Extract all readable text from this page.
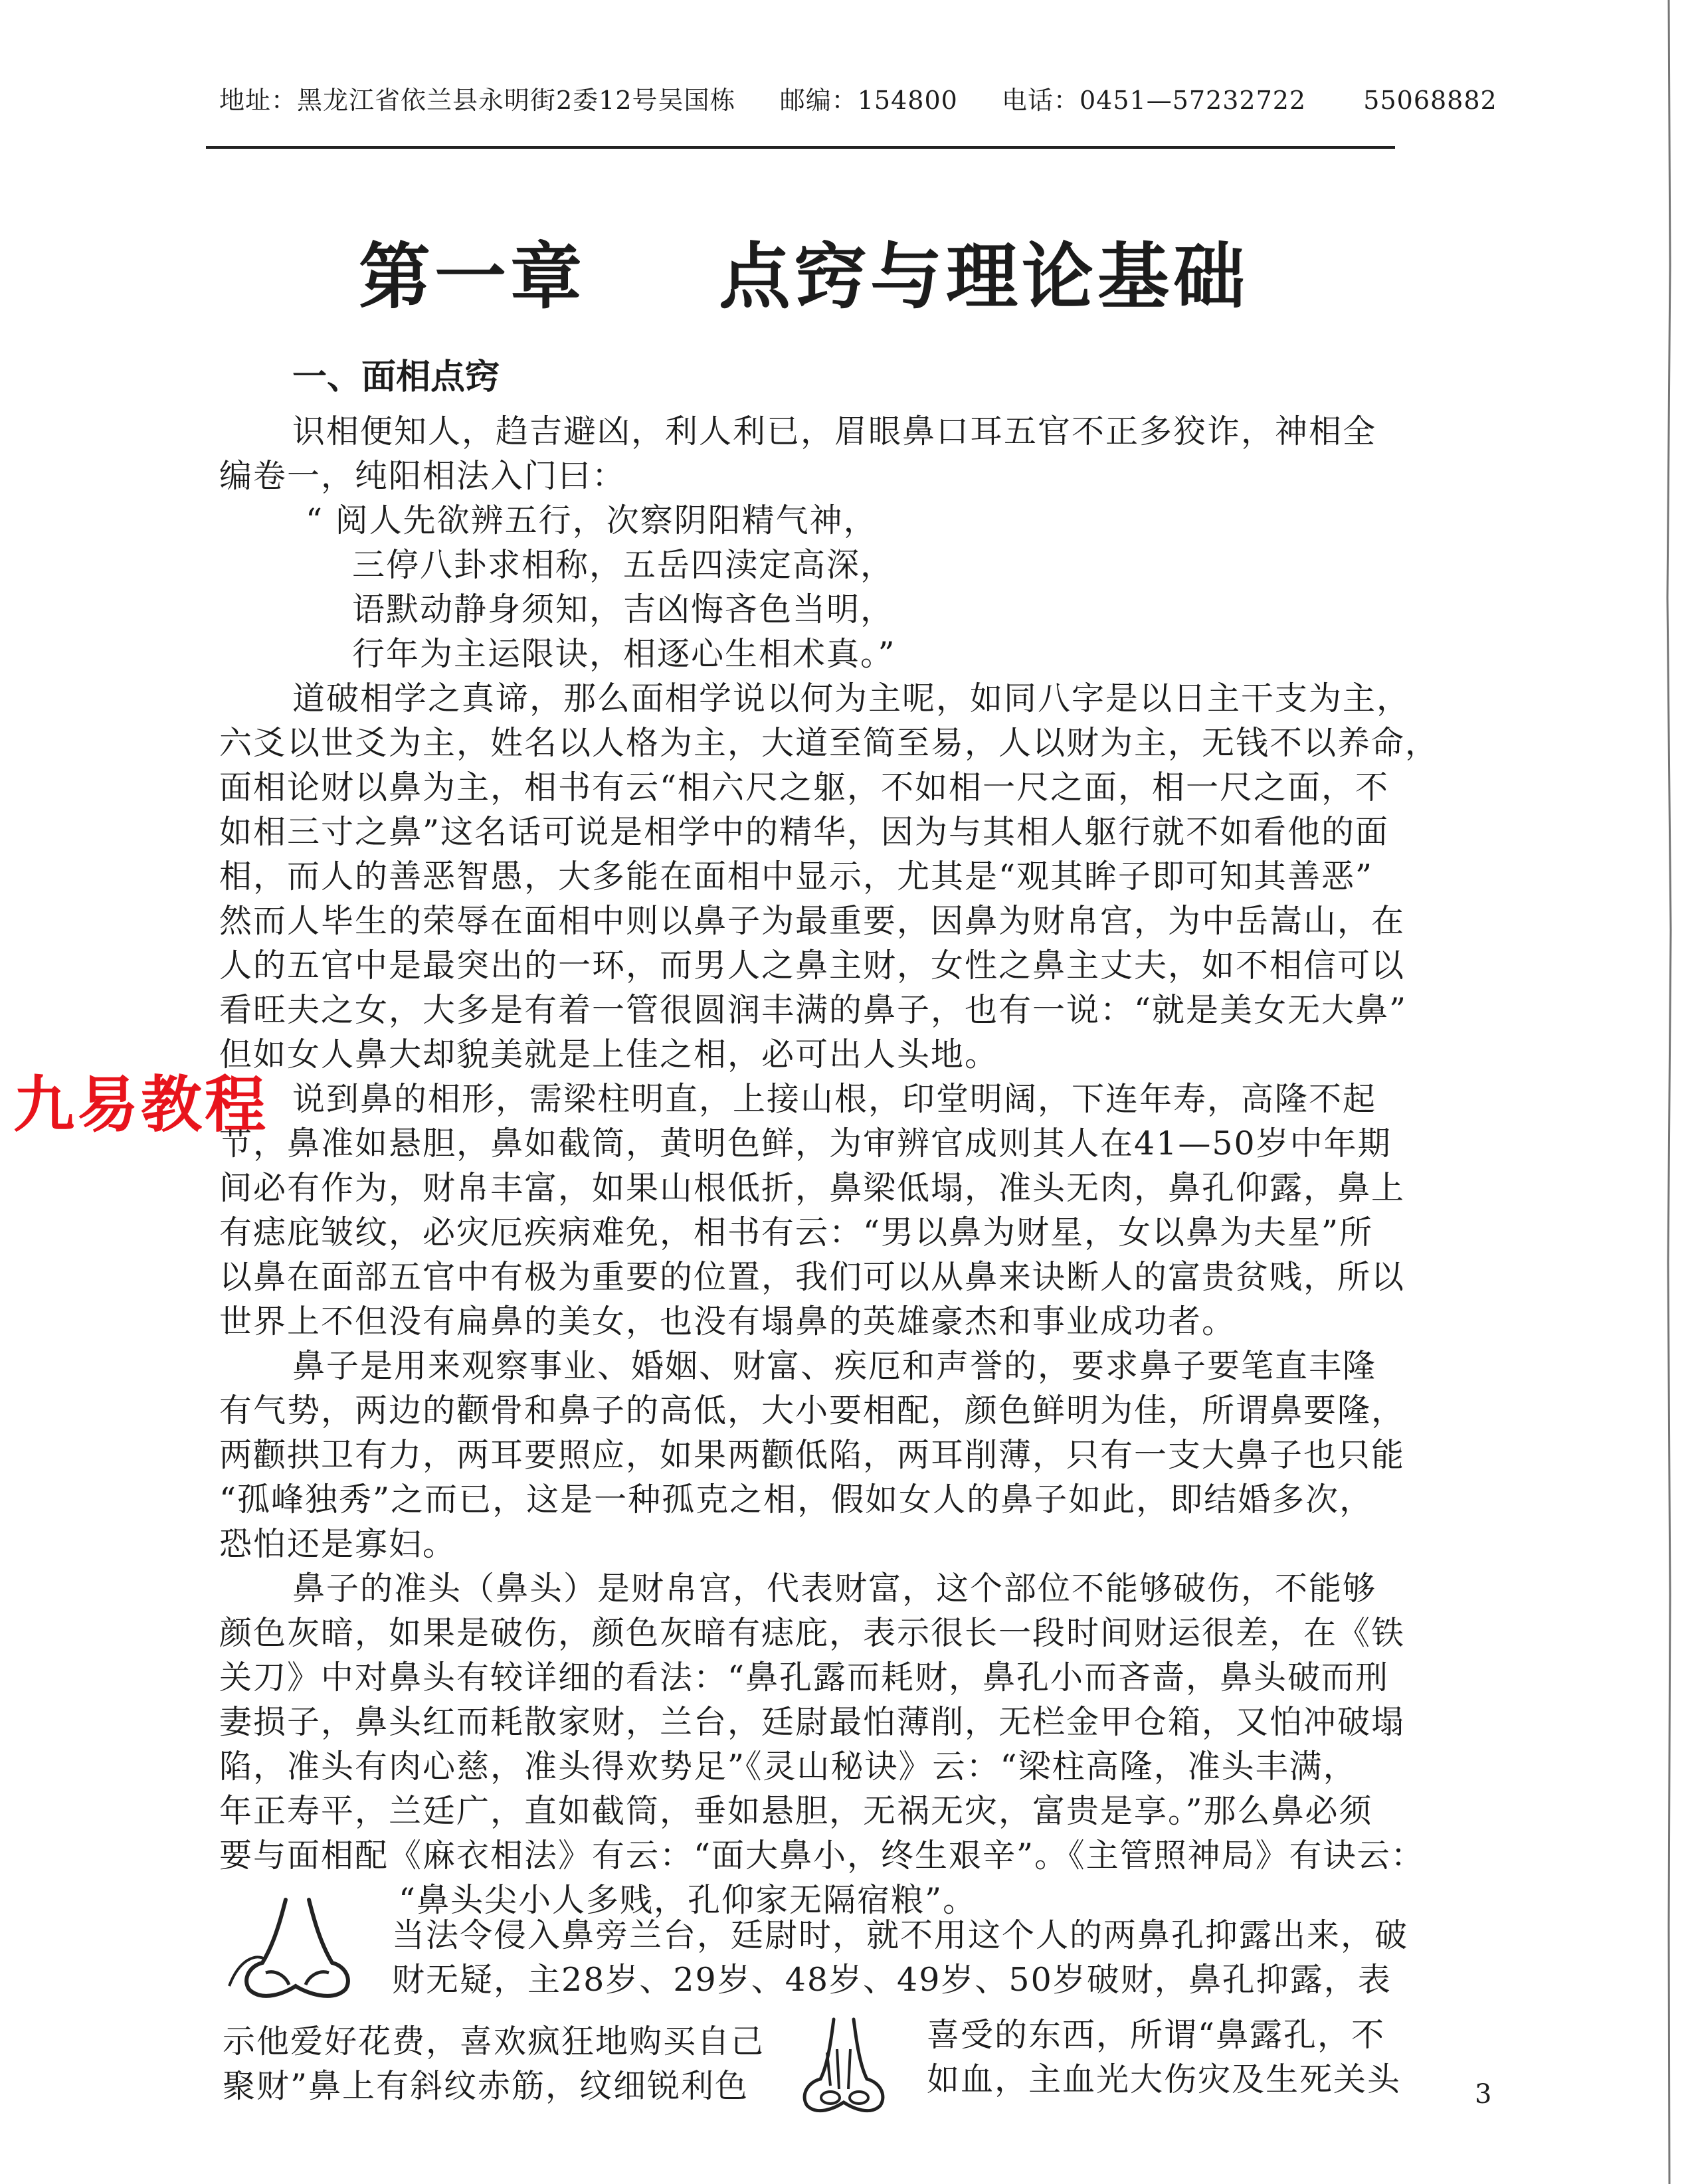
地址：黑龙江省依兰县永明街2委12号吴国栋 邮编：154800 电话：0451—57232722 55068882
第一章 点窍与理论基础
一、面相点窍
识相便知人，趋吉避凶，利人利已，眉眼鼻口耳五官不正多狡诈，神相全
编卷一，纯阳相法入门曰：
“ 阅人先欲辨五行，次察阴阳精气神，
三停八卦求相称，五岳四渎定高深，
语默动静身须知，吉凶悔吝色当明，
行年为主运限诀，相逐心生相术真。”
道破相学之真谛，那么面相学说以何为主呢，如同八字是以日主干支为主，
六爻以世爻为主，姓名以人格为主，大道至简至易，人以财为主，无钱不以养命，
面相论财以鼻为主，相书有云“相六尺之躯，不如相一尺之面，相一尺之面，不
如相三寸之鼻”这名话可说是相学中的精华，因为与其相人躯行就不如看他的面
相，而人的善恶智愚，大多能在面相中显示，尤其是“观其眸子即可知其善恶”
然而人毕生的荣辱在面相中则以鼻子为最重要，因鼻为财帛宫，为中岳嵩山，在
人的五官中是最突出的一环，而男人之鼻主财，女性之鼻主丈夫，如不相信可以
看旺夫之女，大多是有着一管很圆润丰满的鼻子，也有一说：“就是美女无大鼻”
但如女人鼻大却貌美就是上佳之相，必可出人头地。
说到鼻的相形，需梁柱明直，上接山根，印堂明阔，下连年寿，高隆不起
节，鼻准如悬胆，鼻如截筒，黄明色鲜，为审辨官成则其人在41—50岁中年期
间必有作为，财帛丰富，如果山根低折，鼻梁低塌，准头无肉，鼻孔仰露，鼻上
有痣庇皱纹，必灾厄疾病难免，相书有云：“男以鼻为财星，女以鼻为夫星”所
以鼻在面部五官中有极为重要的位置，我们可以从鼻来诀断人的富贵贫贱，所以
世界上不但没有扁鼻的美女，也没有塌鼻的英雄豪杰和事业成功者。
鼻子是用来观察事业、婚姻、财富、疾厄和声誉的，要求鼻子要笔直丰隆
有气势，两边的颧骨和鼻子的高低，大小要相配，颜色鲜明为佳，所谓鼻要隆，
两颧拱卫有力，两耳要照应，如果两颧低陷，两耳削薄，只有一支大鼻子也只能
“孤峰独秀”之而已，这是一种孤克之相，假如女人的鼻子如此，即结婚多次，
恐怕还是寡妇。
鼻子的准头（鼻头）是财帛宫，代表财富，这个部位不能够破伤，不能够
颜色灰暗，如果是破伤，颜色灰暗有痣庇，表示很长一段时间财运很差，在《铁
关刀》中对鼻头有较详细的看法：“鼻孔露而耗财，鼻孔小而吝啬，鼻头破而刑
妻损子，鼻头红而耗散家财，兰台，廷尉最怕薄削，无栏金甲仓箱，又怕冲破塌
陷，准头有肉心慈，准头得欢势足”《灵山秘诀》云：“梁柱高隆，准头丰满，
年正寿平，兰廷广，直如截筒，垂如悬胆，无祸无灾，富贵是享。”那么鼻必须
要与面相配《麻衣相法》有云：“面大鼻小，终生艰辛”。《主管照神局》有诀云：
“鼻头尖小人多贱，孔仰家无隔宿粮”。
当法令侵入鼻旁兰台，廷尉时，就不用这个人的两鼻孔抑露出来，破
财无疑，主28岁、29岁、48岁、49岁、50岁破财，鼻孔抑露，表
示他爱好花费，喜欢疯狂地购买自己
聚财”鼻上有斜纹赤筋，纹细锐利色
喜受的东西，所谓“鼻露孔，不
如血，主血光大伤灾及生死关头
九易教程
3
